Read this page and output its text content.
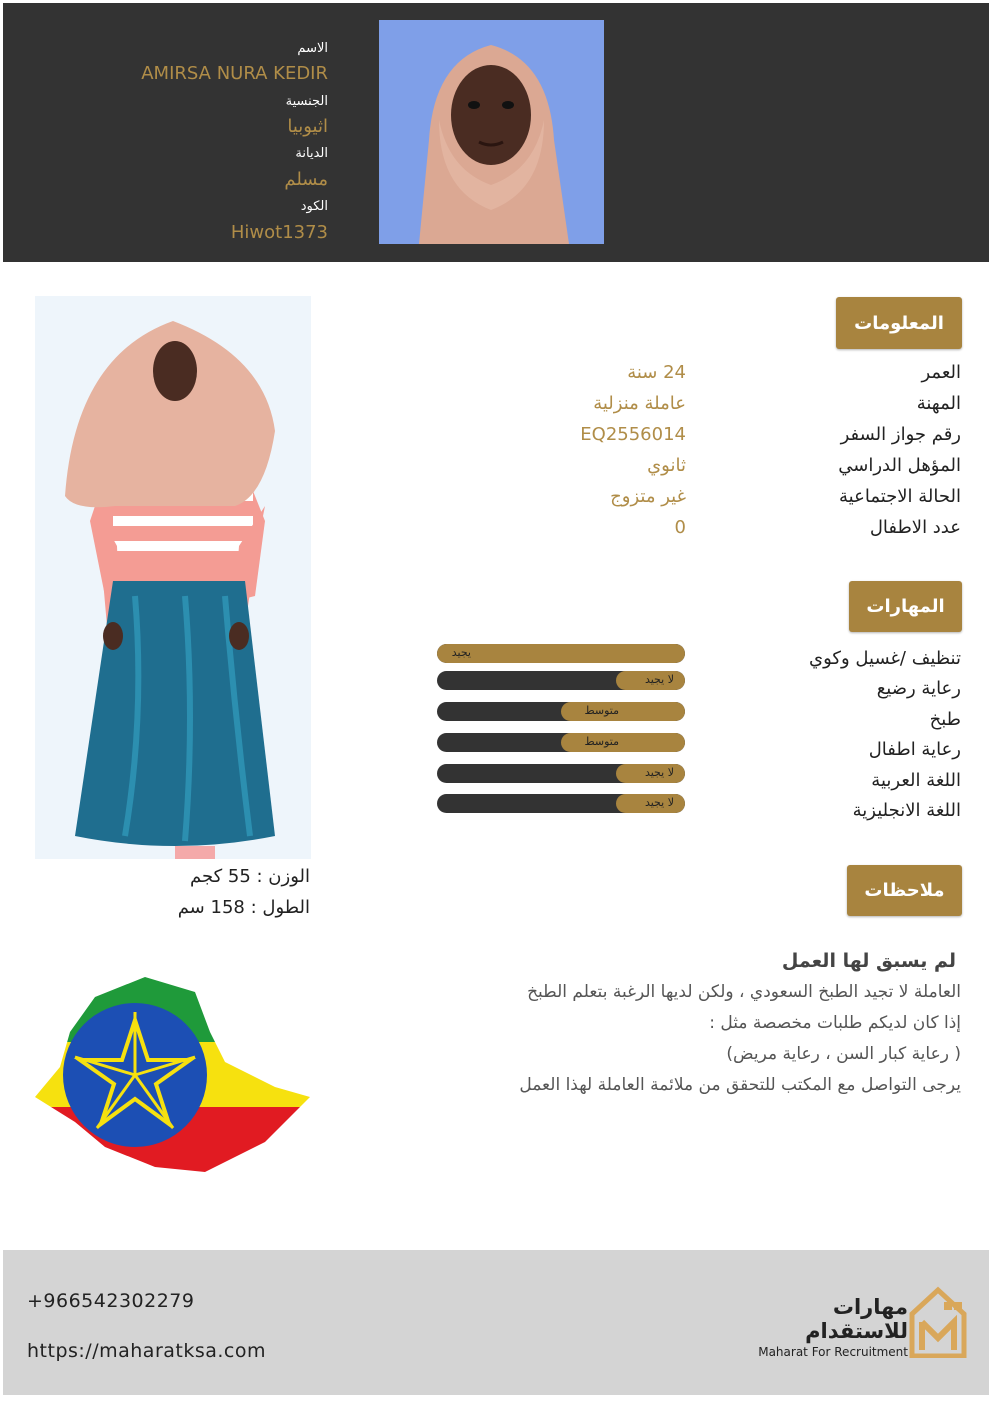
الاسم
AMIRSA NURA KEDIR
الجنسية
اثيوبيا
الديانة
مسلم
الكود
Hiwot1373
الوزن : 55 كجم
الطول : 158 سم
المعلومات
العمر
24 سنة
المهنة
عاملة منزلية
رقم جواز السفر
EQ2556014
المؤهل الدراسي
ثانوي
الحالة الاجتماعية
غير متزوج
عدد الاطفال
0
المهارات
تنظيف /غسيل وكوي
يجيد
رعاية رضيع
لا يجيد
طبخ
متوسط
رعاية اطفال
متوسط
اللغة العربية
لا يجيد
اللغة الانجليزية
لا يجيد
ملاحظات
لم يسبق لها العمل
العاملة لا تجيد الطبخ السعودي ، ولكن لديها الرغبة بتعلم الطبخ
إذا كان لديكم طلبات مخصصة مثل :
( رعاية كبار السن ، رعاية مريض)
يرجى التواصل مع المكتب للتحقق من ملائمة العاملة لهذا العمل
+966542302279
https://maharatksa.com
مهارات للاستقدام
Maharat For Recruitment
